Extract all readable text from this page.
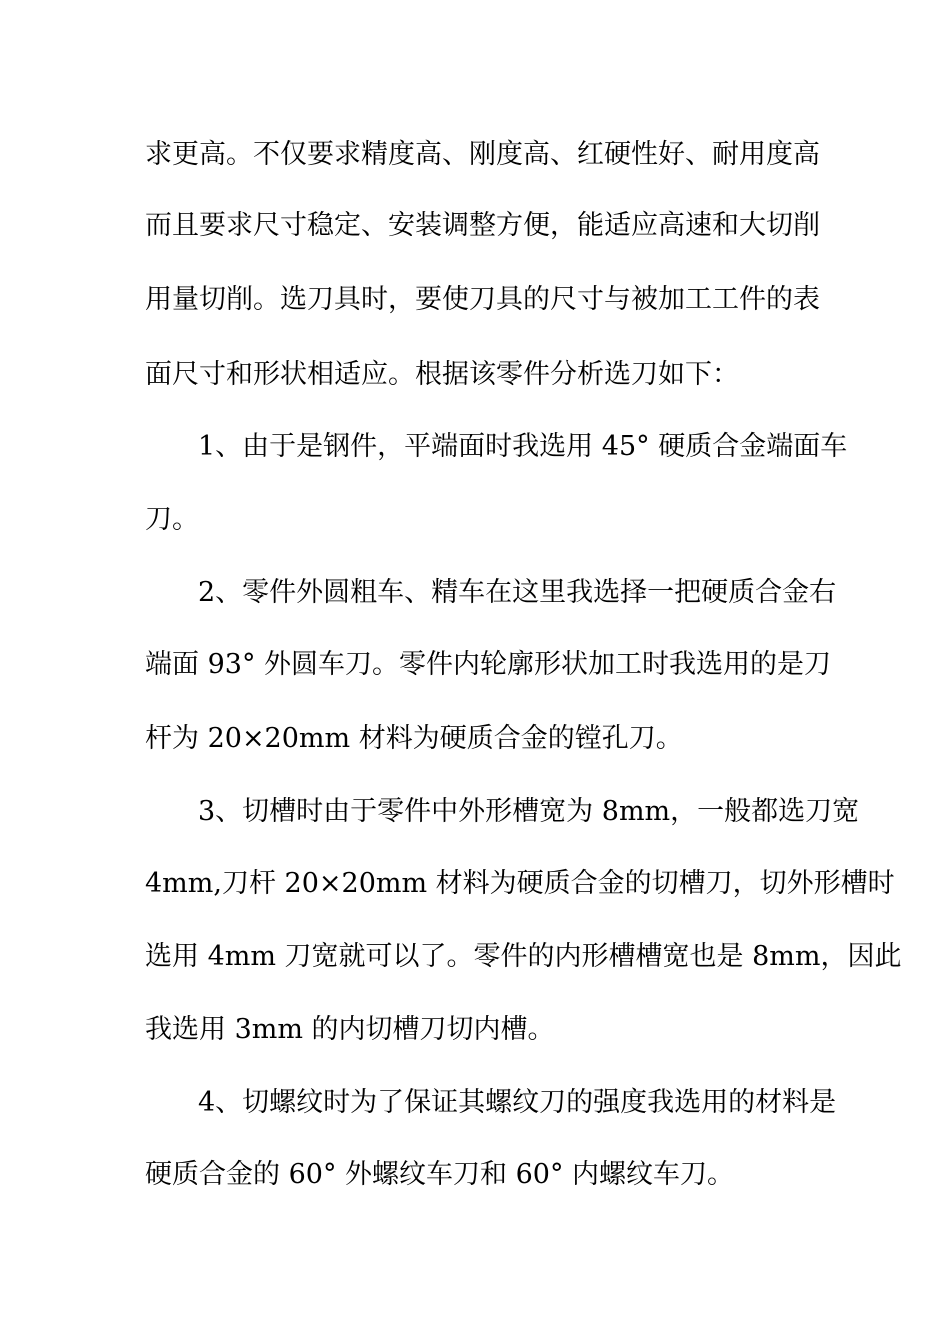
求更高。不仅要求精度高、刚度高、红硬性好、耐用度高
而且要求尺寸稳定、安装调整方便，能适应高速和大切削
用量切削。选刀具时，要使刀具的尺寸与被加工工件的表
面尺寸和形状相适应。根据该零件分析选刀如下：
1、由于是钢件，平端面时我选用 45° 硬质合金端面车
刀。
2、零件外圆粗车、精车在这里我选择一把硬质合金右
端面 93° 外圆车刀。零件内轮廓形状加工时我选用的是刀
杆为 20×20mm 材料为硬质合金的镗孔刀。
3、切槽时由于零件中外形槽宽为 8mm，一般都选刀宽
4mm,刀杆 20×20mm 材料为硬质合金的切槽刀，切外形槽时
选用 4mm 刀宽就可以了。零件的内形槽槽宽也是 8mm，因此
我选用 3mm 的内切槽刀切内槽。
4、切螺纹时为了保证其螺纹刀的强度我选用的材料是
硬质合金的 60° 外螺纹车刀和 60° 内螺纹车刀。
